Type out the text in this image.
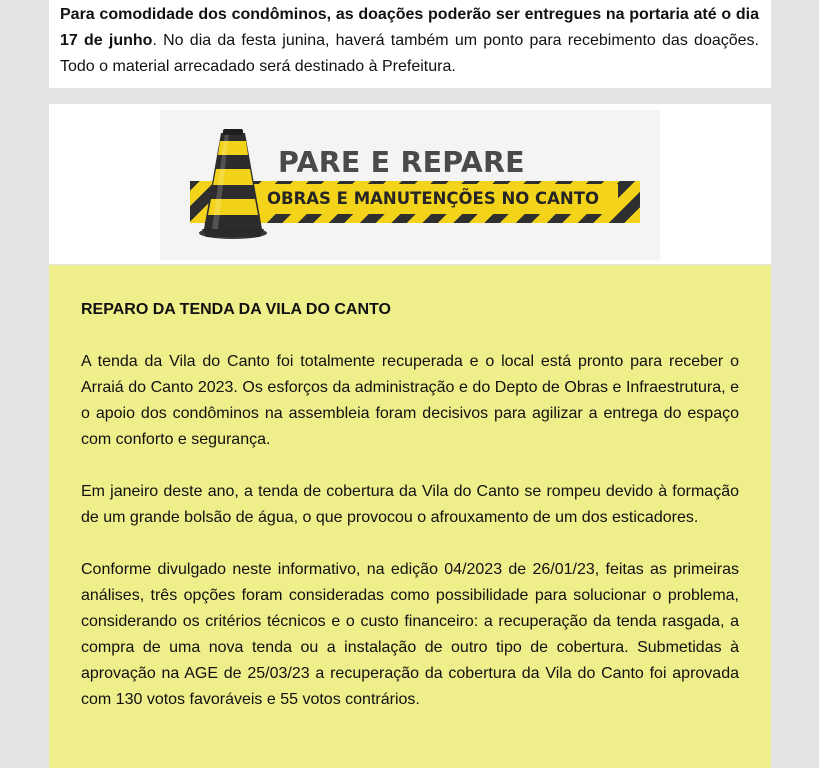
Para comodidade dos condôminos, as doações poderão ser entregues na portaria até o dia 17 de junho. No dia da festa junina, haverá também um ponto para recebimento das doações. Todo o material arrecadado será destinado à Prefeitura.

OBRAS E MANUTENÇÕES NO CANTO
PARE E REPARE
REPARO DA TENDA DA VILA DO CANTO

A tenda da Vila do Canto foi totalmente recuperada e o local está pronto para receber o Arraiá do Canto 2023. Os esforços da administração e do Depto de Obras e Infraestrutura, e o apoio dos condôminos na assembleia foram decisivos para agilizar a entrega do espaço com conforto e segurança.

Em janeiro deste ano, a tenda de cobertura da Vila do Canto se rompeu devido à formação de um grande bolsão de água, o que provocou o afrouxamento de um dos esticadores.

Conforme divulgado neste informativo, na edição 04/2023 de 26/01/23, feitas as primeiras análises, três opções foram consideradas como possibilidade para solucionar o problema, considerando os critérios técnicos e o custo financeiro: a recuperação da tenda rasgada, a compra de uma nova tenda ou a instalação de outro tipo de cobertura. Submetidas à aprovação na AGE de 25/03/23 a recuperação da cobertura da Vila do Canto foi aprovada com 130 votos favoráveis e 55 votos contrários.
